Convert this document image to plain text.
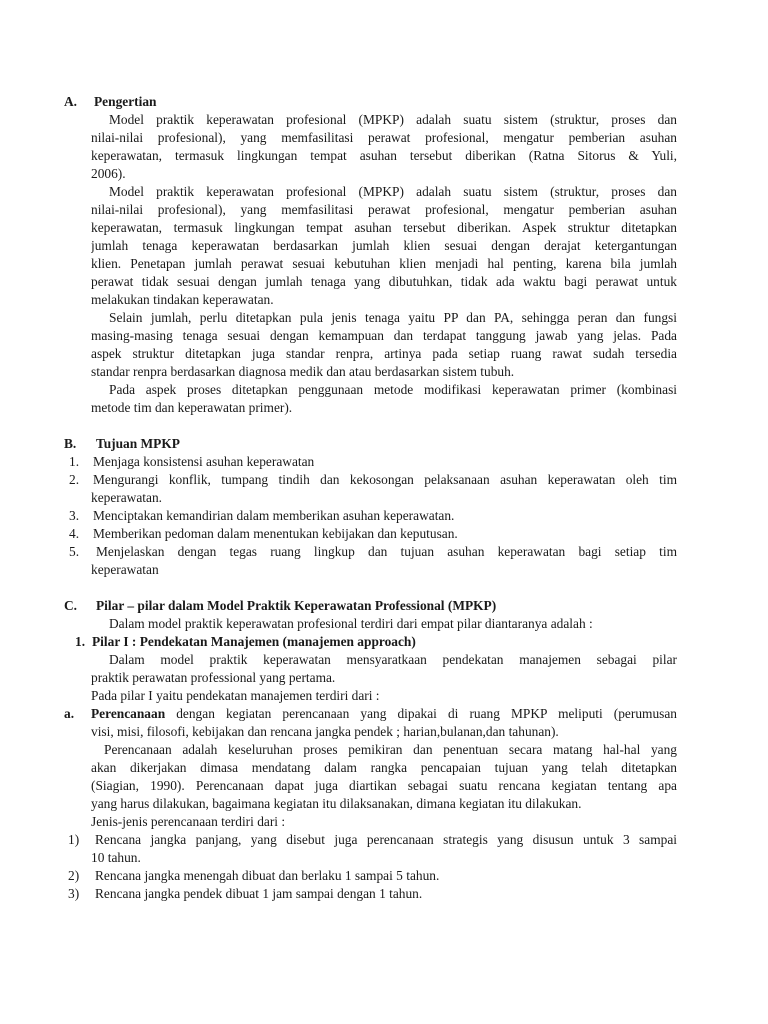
A. Pengertian
Model praktik keperawatan profesional (MPKP) adalah suatu sistem (struktur, proses dan
nilai-nilai profesional), yang memfasilitasi perawat profesional, mengatur pemberian asuhan
keperawatan, termasuk lingkungan tempat asuhan tersebut diberikan (Ratna Sitorus & Yuli,
2006).
Model praktik keperawatan profesional (MPKP) adalah suatu sistem (struktur, proses dan
nilai-nilai profesional), yang memfasilitasi perawat profesional, mengatur pemberian asuhan
keperawatan, termasuk lingkungan tempat asuhan tersebut diberikan. Aspek struktur ditetapkan
jumlah tenaga keperawatan berdasarkan jumlah klien sesuai dengan derajat ketergantungan
klien. Penetapan jumlah perawat sesuai kebutuhan klien menjadi hal penting, karena bila jumlah
perawat tidak sesuai dengan jumlah tenaga yang dibutuhkan, tidak ada waktu bagi perawat untuk
melakukan tindakan keperawatan.
Selain jumlah, perlu ditetapkan pula jenis tenaga yaitu PP dan PA, sehingga peran dan fungsi
masing-masing tenaga sesuai dengan kemampuan dan terdapat tanggung jawab yang jelas. Pada
aspek struktur ditetapkan juga standar renpra, artinya pada setiap ruang rawat sudah tersedia
standar renpra berdasarkan diagnosa medik dan atau berdasarkan sistem tubuh.
Pada aspek proses ditetapkan penggunaan metode modifikasi keperawatan primer (kombinasi
metode tim dan keperawatan primer).
B. Tujuan MPKP
1. Menjaga konsistensi asuhan keperawatan
2. Mengurangi konflik, tumpang tindih dan kekosongan pelaksanaan asuhan keperawatan oleh tim
keperawatan.
3. Menciptakan kemandirian dalam memberikan asuhan keperawatan.
4. Memberikan pedoman dalam menentukan kebijakan dan keputusan.
5. Menjelaskan dengan tegas ruang lingkup dan tujuan asuhan keperawatan bagi setiap tim
keperawatan
C. Pilar – pilar dalam Model Praktik Keperawatan Professional (MPKP)
Dalam model praktik keperawatan profesional terdiri dari empat pilar diantaranya adalah :
1. Pilar I : Pendekatan Manajemen (manajemen approach)
Dalam model praktik keperawatan mensyaratkaan pendekatan manajemen sebagai pilar
praktik perawatan professional yang pertama.
Pada pilar I yaitu pendekatan manajemen terdiri dari :
a. Perencanaan dengan kegiatan perencanaan yang dipakai di ruang MPKP meliputi (perumusan
visi, misi, filosofi, kebijakan dan rencana jangka pendek ; harian,bulanan,dan tahunan).
Perencanaan adalah keseluruhan proses pemikiran dan penentuan secara matang hal-hal yang
akan dikerjakan dimasa mendatang dalam rangka pencapaian tujuan yang telah ditetapkan
(Siagian, 1990). Perencanaan dapat juga diartikan sebagai suatu rencana kegiatan tentang apa
yang harus dilakukan, bagaimana kegiatan itu dilaksanakan, dimana kegiatan itu dilakukan.
Jenis-jenis perencanaan terdiri dari :
1) Rencana jangka panjang, yang disebut juga perencanaan strategis yang disusun untuk 3 sampai
10 tahun.
2) Rencana jangka menengah dibuat dan berlaku 1 sampai 5 tahun.
3) Rencana jangka pendek dibuat 1 jam sampai dengan 1 tahun.
